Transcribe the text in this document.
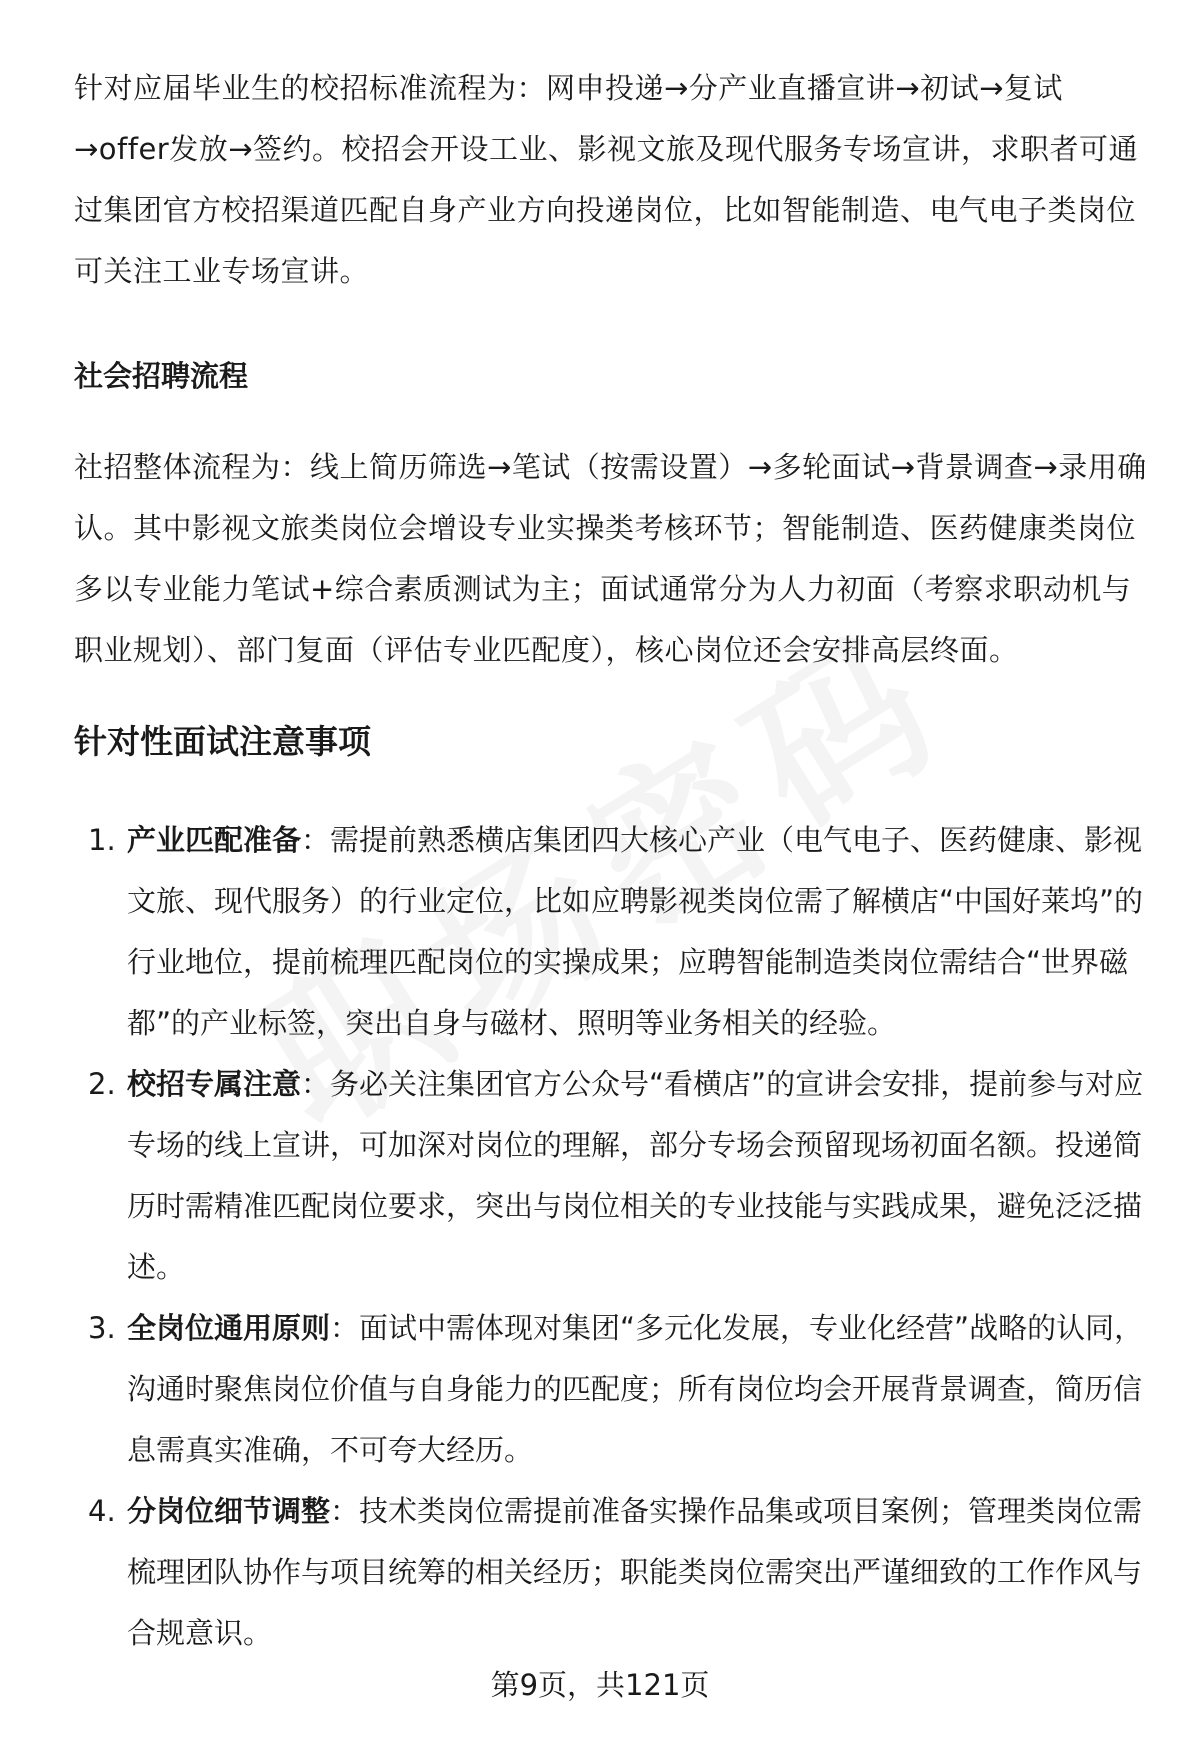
针对应届毕业生的校招标准流程为：网申投递→分产业直播宣讲→初试→复试→offer发放→签约。校招会开设工业、影视文旅及现代服务专场宣讲，求职者可通过集团官方校招渠道匹配自身产业方向投递岗位，比如智能制造、电气电子类岗位可关注工业专场宣讲。

社会招聘流程

社招整体流程为：线上简历筛选→笔试（按需设置）→多轮面试→背景调查→录用确认。其中影视文旅类岗位会增设专业实操类考核环节；智能制造、医药健康类岗位多以专业能力笔试+综合素质测试为主；面试通常分为人力初面（考察求职动机与职业规划）、部门复面（评估专业匹配度），核心岗位还会安排高层终面。

针对性面试注意事项
1. 产业匹配准备：需提前熟悉横店集团四大核心产业（电气电子、医药健康、影视文旅、现代服务）的行业定位，比如应聘影视类岗位需了解横店“中国好莱坞”的行业地位，提前梳理匹配岗位的实操成果；应聘智能制造类岗位需结合“世界磁都”的产业标签，突出自身与磁材、照明等业务相关的经验。
2. 校招专属注意：务必关注集团官方公众号“看横店”的宣讲会安排，提前参与对应专场的线上宣讲，可加深对岗位的理解，部分专场会预留现场初面名额。投递简历时需精准匹配岗位要求，突出与岗位相关的专业技能与实践成果，避免泛泛描述。
3. 全岗位通用原则：面试中需体现对集团“多元化发展，专业化经营”战略的认同，沟通时聚焦岗位价值与自身能力的匹配度；所有岗位均会开展背景调查，简历信息需真实准确，不可夸大经历。
4. 分岗位细节调整：技术类岗位需提前准备实操作品集或项目案例；管理类岗位需梳理团队协作与项目统筹的相关经历；职能类岗位需突出严谨细致的工作作风与合规意识。
第9页，共121页
